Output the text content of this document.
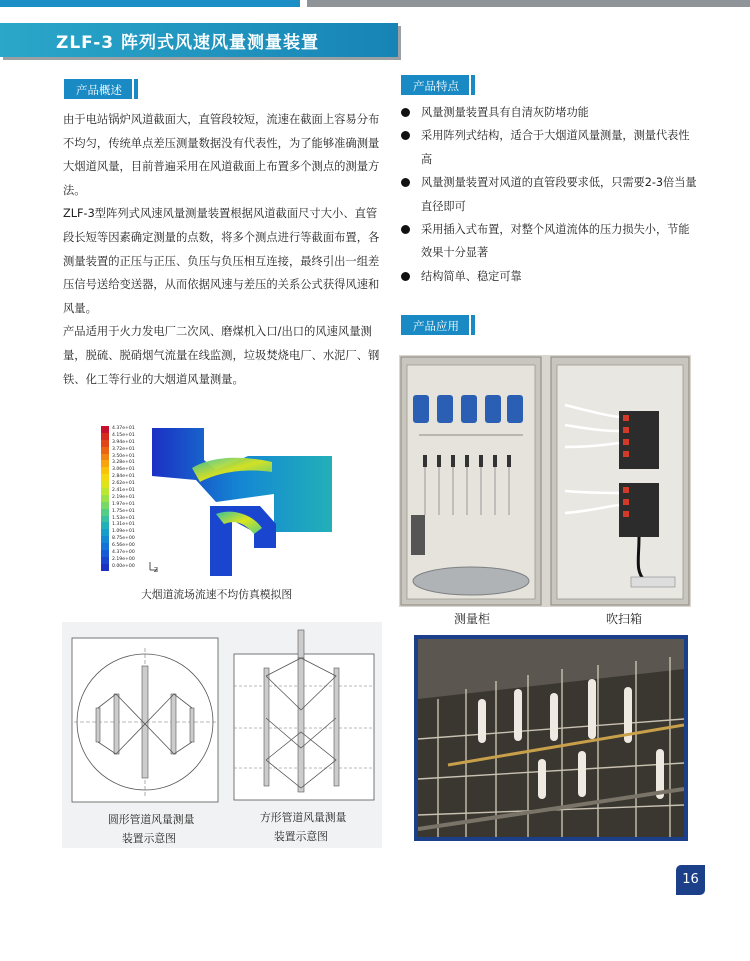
ZLF-3 阵列式风速风量测量装置
产品概述

由于电站锅炉风道截面大，直管段较短，流速在截面上容易分布不均匀，传统单点差压测量数据没有代表性，为了能够准确测量大烟道风量，目前普遍采用在风道截面上布置多个测点的测量方法。

ZLF-3型阵列式风速风量测量装置根据风道截面尺寸大小、直管段长短等因素确定测量的点数，将多个测点进行等截面布置，各测量装置的正压与正压、负压与负压相互连接，最终引出一组差压信号送给变送器，从而依据风速与差压的关系公式获得风速和风量。

产品适用于火力发电厂二次风、磨煤机入口/出口的风速风量测量，脱硫、脱硝烟气流量在线监测，垃圾焚烧电厂、水泥厂、钢铁、化工等行业的大烟道风量测量。

4.37e+01
4.15e+01
3.94e+01
3.72e+01
3.50e+01
3.28e+01
3.06e+01
2.84e+01
2.62e+01
2.41e+01
2.19e+01
1.97e+01
1.75e+01
1.53e+01
1.31e+01
1.09e+01
8.75e+00
6.56e+00
4.37e+00
2.19e+00
0.00e+00
Z
大烟道流场流速不均仿真模拟图
圆形管道风量测量
装置示意图
方形管道风量测量
装置示意图
产品特点
风量测量装置具有自清灰防堵功能
采用阵列式结构，适合于大烟道风量测量，测量代表性高
风量测量装置对风道的直管段要求低，只需要2-3倍当量直径即可
采用插入式布置，对整个风道流体的压力损失小，节能效果十分显著
结构简单、稳定可靠
产品应用
测量柜	吹扫箱
16
